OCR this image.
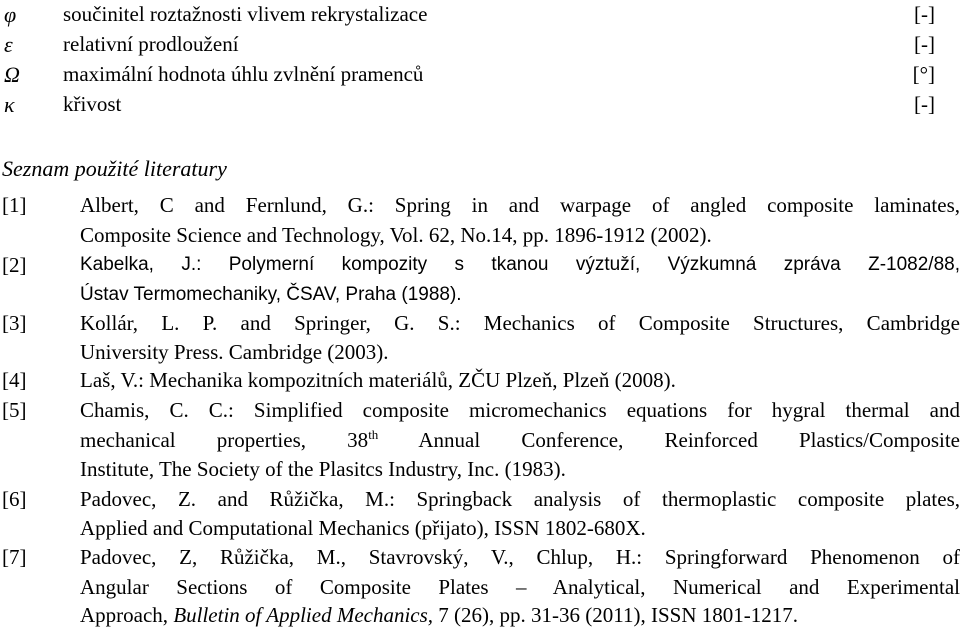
φ součinitel roztažnosti vlivem rekrystalizace	[-]
ε relativní prodloužení	[-]
Ω maximální hodnota úhlu zvlnění pramenců	[°]
κ křivost	[-]
Seznam použité literatury
[1]	Albert, C and Fernlund, G.: Spring in and warpage of angled composite laminates,
Composite Science and Technology, Vol. 62, No.14, pp. 1896-1912 (2002).
[2]	Kabelka, J.: Polymerní kompozity s tkanou výztuží, Výzkumná zpráva Z-1082/88,
Ústav Termomechaniky, ČSAV, Praha (1988).
[3]	Kollár, L. P. and Springer, G. S.: Mechanics of Composite Structures, Cambridge
University Press. Cambridge (2003).
[4]	Laš, V.: Mechanika kompozitních materiálů, ZČU Plzeň, Plzeň (2008).
[5]	Chamis, C. C.: Simplified composite micromechanics equations for hygral thermal and
mechanical properties, 38th Annual Conference, Reinforced Plastics/Composite
Institute, The Society of the Plasitcs Industry, Inc. (1983).
[6]	Padovec, Z. and Růžička, M.: Springback analysis of thermoplastic composite plates,
Applied and Computational Mechanics (přijato), ISSN 1802-680X.
[7]	Padovec, Z, Růžička, M., Stavrovský, V., Chlup, H.: Springforward Phenomenon of
Angular Sections of Composite Plates – Analytical, Numerical and Experimental
Approach, Bulletin of Applied Mechanics, 7 (26), pp. 31-36 (2011), ISSN 1801-1217.
